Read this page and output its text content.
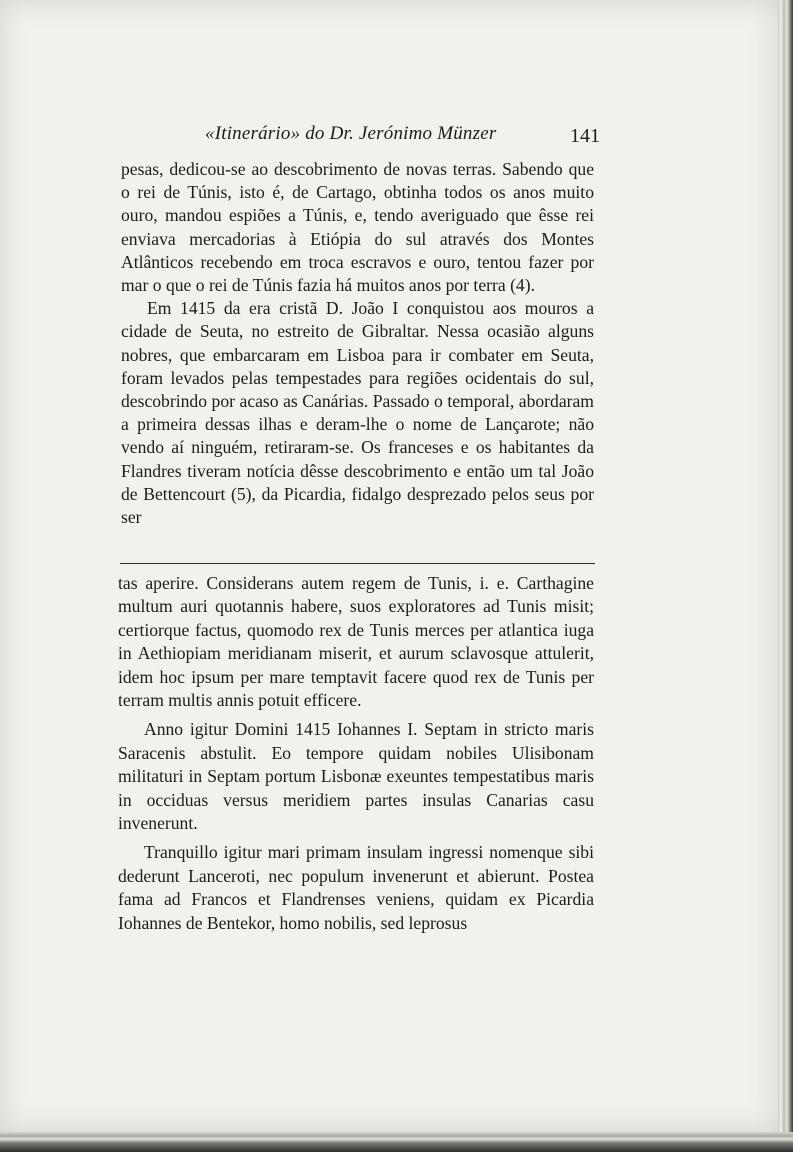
«Itinerário» do Dr. Jerónimo Münzer	141

pesas, dedicou-se ao descobrimento de novas terras. Sabendo que o rei de Túnis, isto é, de Cartago, obtinha todos os anos muito ouro, mandou espiões a Túnis, e, tendo averiguado que êsse rei enviava mercadorias à Etiópia do sul através dos Montes Atlânticos recebendo em troca escravos e ouro, tentou fazer por mar o que o rei de Túnis fazia há muitos anos por terra (4).

Em 1415 da era cristã D. João I conquistou aos mouros a cidade de Seuta, no estreito de Gibraltar. Nessa ocasião alguns nobres, que embarcaram em Lisboa para ir combater em Seuta, foram levados pelas tempestades para regiões ocidentais do sul, descobrindo por acaso as Canárias. Passado o temporal, abordaram a primeira dessas ilhas e deram-lhe o nome de Lançarote; não vendo aí ninguém, retiraram-se. Os franceses e os habitantes da Flandres tiveram notícia dêsse descobrimento e então um tal João de Bettencourt (5), da Picardia, fidalgo desprezado pelos seus por ser

tas aperire. Considerans autem regem de Tunis, i. e. Carthagine multum auri quotannis habere, suos exploratores ad Tunis misit; certiorque factus, quomodo rex de Tunis merces per atlantica iuga in Aethiopiam meridianam miserit, et aurum sclavosque attulerit, idem hoc ipsum per mare temptavit facere quod rex de Tunis per terram multis annis potuit efficere.

Anno igitur Domini 1415 Iohannes I. Septam in stricto maris Saracenis abstulit. Eo tempore quidam nobiles Ulisibonam militaturi in Septam portum Lisbonæ exeuntes tempestatibus maris in occiduas versus meridiem partes insulas Canarias casu invenerunt.

Tranquillo igitur mari primam insulam ingressi nomenque sibi dederunt Lanceroti, nec populum invenerunt et abierunt. Postea fama ad Francos et Flandrenses veniens, quidam ex Picardia Iohannes de Bentekor, homo nobilis, sed leprosus
